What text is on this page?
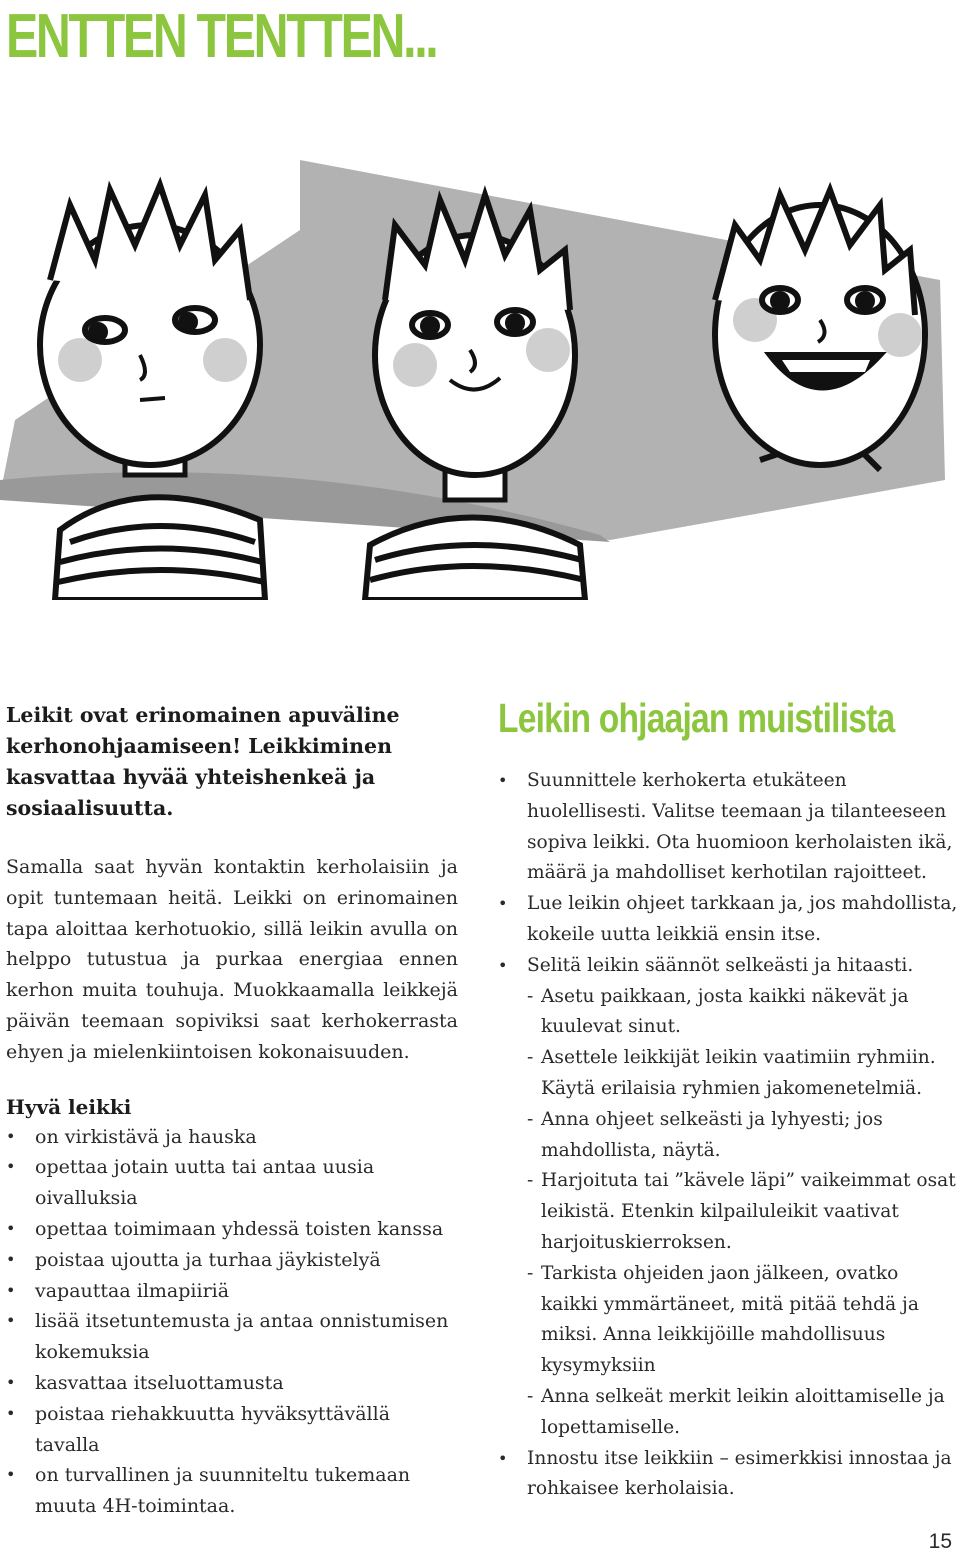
ENTTEN TENTTEN...

Leikit ovat erinomainen apuväline kerhonohjaamiseen! Leikkiminen kasvattaa hyvää yhteishenkeä ja sosiaalisuutta.

Samalla saat hyvän kontaktin kerholaisiin ja opit tuntemaan heitä. Leikki on erinomainen tapa aloittaa kerhotuokio, sillä leikin avulla on helppo tutustua ja purkaa energiaa ennen kerhon muita touhuja. Muokkaamalla leikkejä päivän teemaan sopiviksi saat kerhokerrasta ehyen ja mielenkiintoisen kokonaisuuden.

Hyvä leikki

• on virkistävä ja hauska
• opettaa jotain uutta tai antaa uusia oivalluksia
• opettaa toimimaan yhdessä toisten kanssa
• poistaa ujoutta ja turhaa jäykistelyä
• vapauttaa ilmapiiriä
• lisää itsetuntemusta ja antaa onnistumisen kokemuksia
• kasvattaa itseluottamusta
• poistaa riehakkuutta hyväksyttävällä tavalla
• on turvallinen ja suunniteltu tukemaan muuta 4H-toimintaa.
Leikin ohjaajan muistilista
• Suunnittele kerhokerta etukäteen huolellisesti. Valitse teemaan ja tilanteeseen sopiva leikki. Ota huomioon kerholaisten ikä, määrä ja mahdolliset kerhotilan rajoitteet.
• Lue leikin ohjeet tarkkaan ja, jos mahdollista, kokeile uutta leikkiä ensin itse.
• Selitä leikin säännöt selkeästi ja hitaasti.
- Asetu paikkaan, josta kaikki näkevät ja kuulevat sinut.
- Asettele leikkijät leikin vaatimiin ryhmiin. Käytä erilaisia ryhmien jakomenetelmiä.
- Anna ohjeet selkeästi ja lyhyesti; jos mahdollista, näytä.
- Harjoituta tai ”kävele läpi” vaikeimmat osat leikistä. Etenkin kilpailuleikit vaativat harjoituskierroksen.
- Tarkista ohjeiden jaon jälkeen, ovatko kaikki ymmärtäneet, mitä pitää tehdä ja miksi. Anna leikkijöille mahdollisuus kysymyksiin
- Anna selkeät merkit leikin aloittamiselle ja lopettamiselle.
• Innostu itse leikkiin – esimerkkisi innostaa ja rohkaisee kerholaisia.
15
